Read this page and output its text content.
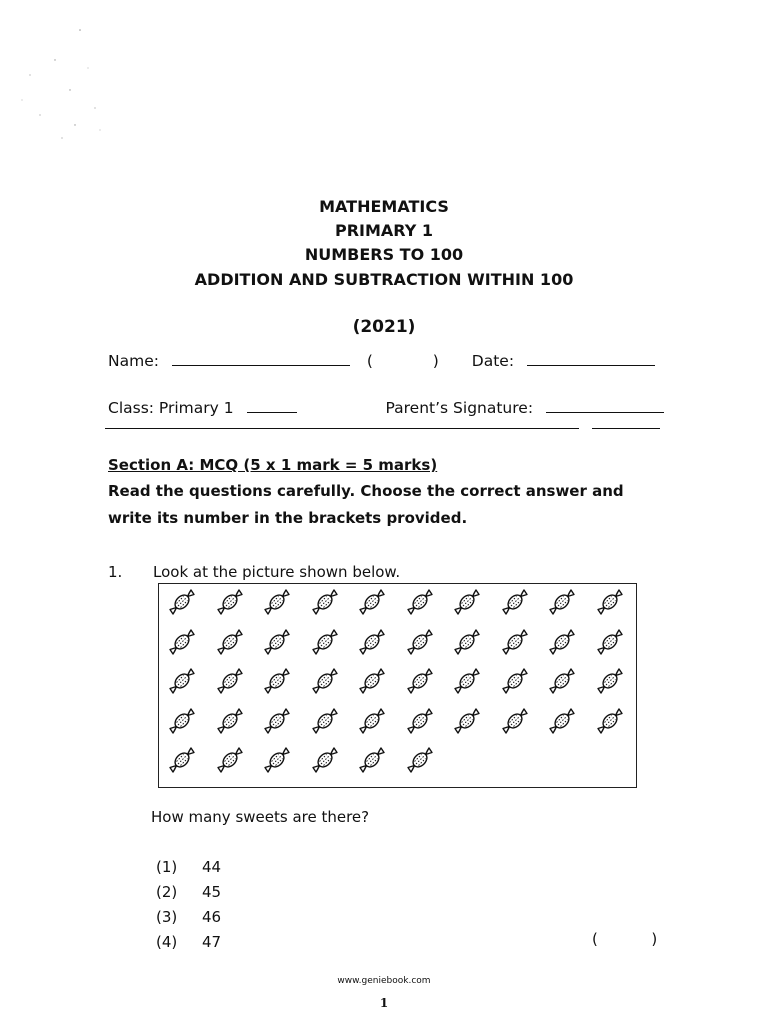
MATHEMATICS
PRIMARY 1
NUMBERS TO 100
ADDITION AND SUBTRACTION WITHIN 100
(2021)
Name:	(	) Date:
Class: Primary 1	Parent’s Signature:
Section A: MCQ (5 x 1 mark = 5 marks)
Read the questions carefully. Choose the correct answer and
write its number in the brackets provided.
1. Look at the picture shown below.
How many sweets are there?
(1) 44
(2) 45
(3) 46
(4) 47	(	)
www.geniebook.com
1
